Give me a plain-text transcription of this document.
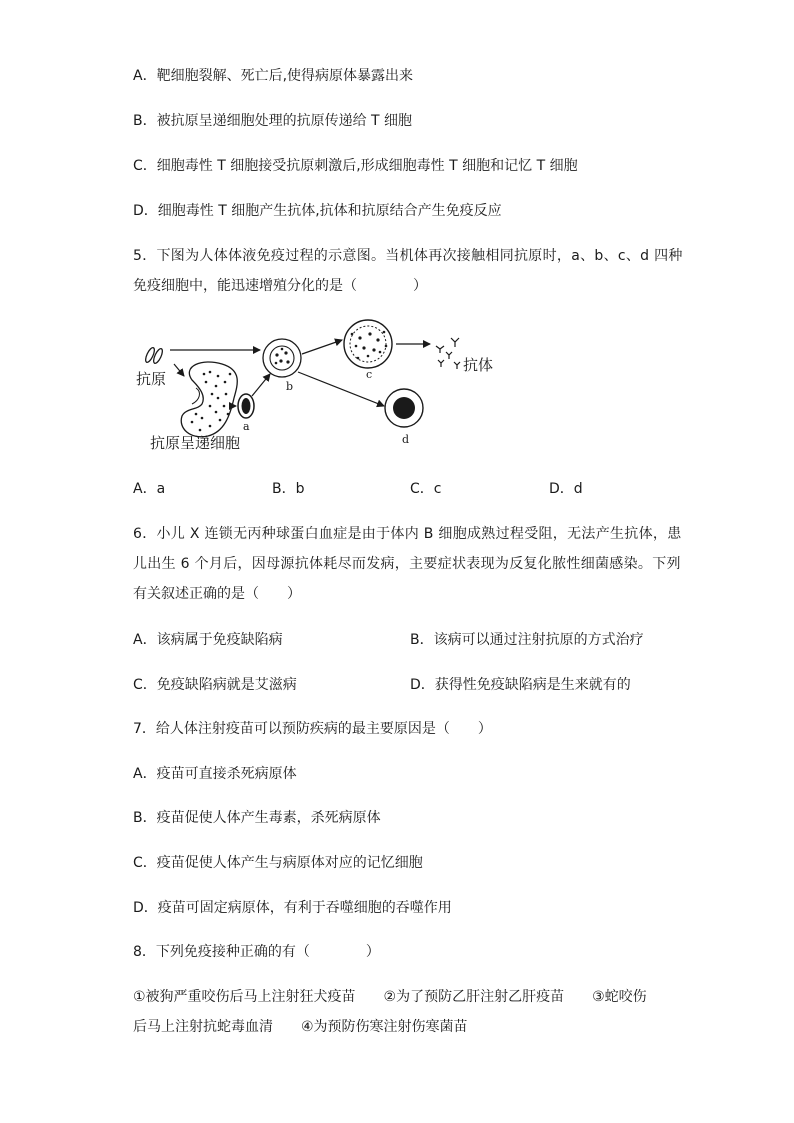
A．靶细胞裂解、死亡后,使得病原体暴露出来
B．被抗原呈递细胞处理的抗原传递给 T 细胞
C．细胞毒性 T 细胞接受抗原刺激后,形成细胞毒性 T 细胞和记忆 T 细胞
D．细胞毒性 T 细胞产生抗体,抗体和抗原结合产生免疫反应
5．下图为人体体液免疫过程的示意图。当机体再次接触相同抗原时，a、b、c、d 四种
免疫细胞中，能迅速增殖分化的是（　　　　）
抗原
抗原呈递细胞
a
b
c
抗体
d
A．a	B．b	C．c	D．d
6．小儿 X 连锁无丙种球蛋白血症是由于体内 B 细胞成熟过程受阻，无法产生抗体，患
儿出生 6 个月后，因母源抗体耗尽而发病，主要症状表现为反复化脓性细菌感染。下列
有关叙述正确的是（　　）
A．该病属于免疫缺陷病	B．该病可以通过注射抗原的方式治疗
C．免疫缺陷病就是艾滋病	D．获得性免疫缺陷病是生来就有的
7．给人体注射疫苗可以预防疾病的最主要原因是（　　）
A．疫苗可直接杀死病原体
B．疫苗促使人体产生毒素，杀死病原体
C．疫苗促使人体产生与病原体对应的记忆细胞
D．疫苗可固定病原体，有利于吞噬细胞的吞噬作用
8．下列免疫接种正确的有（　　　　）
①被狗严重咬伤后马上注射狂犬疫苗　　②为了预防乙肝注射乙肝疫苗　　③蛇咬伤
后马上注射抗蛇毒血清　　④为预防伤寒注射伤寒菌苗
